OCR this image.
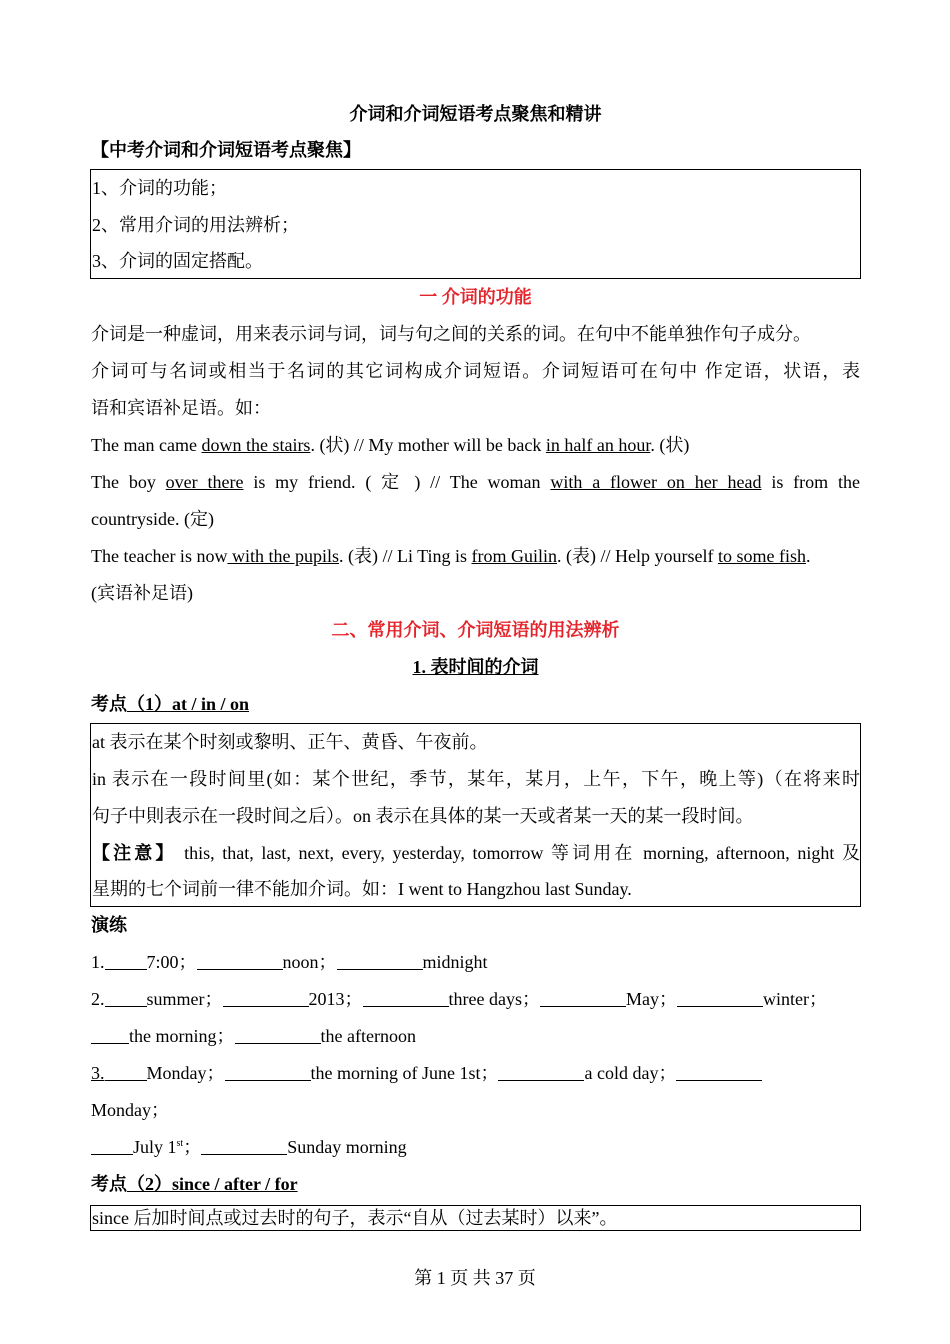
介词和介词短语考点聚焦和精讲
【中考介词和介词短语考点聚焦】
1、介词的功能；
2、常用介词的用法辨析；
3、介词的固定搭配。
一 介词的功能
介词是一种虚词，用来表示词与词，词与句之间的关系的词。在句中不能单独作句子成分。
介词可与名词或相当于名词的其它词构成介词短语。介词短语可在句中 作定语，状语，表
语和宾语补足语。如：
The man came down the stairs. (状) // My mother will be back in half an hour. (状)
The boy over there is my friend. ( 定 ) // The woman with a flower on her head is from the
countryside. (定)
The teacher is now with the pupils. (表) // Li Ting is from Guilin. (表) // Help yourself to some fish.
(宾语补足语)
二、常用介词、介词短语的用法辨析
1. 表时间的介词
考点（1）at / in / on
at 表示在某个时刻或黎明、正午、黄昏、午夜前。
in 表示在一段时间里(如：某个世纪，季节，某年，某月，上午，下午，晚上等)（在将来时
句子中則表示在一段时间之后）。on 表示在具体的某一天或者某一天的某一段时间。
【注意】 this, that, last, next, every, yesterday, tomorrow 等词用在 morning, afternoon, night 及
星期的七个词前一律不能加介词。如：I went to Hangzhou last Sunday.
演练
1. 7:00；	noon；	midnight
2. summer；	2013；	three days；	May；	winter；
the morning；	the afternoon
3. Monday；	the morning of June 1st；	a cold day；
Monday；
July 1st；	Sunday morning
考点（2）since / after / for
since 后加时间点或过去时的句子，表示“自从（过去某时）以来”。
第 1 页 共 37 页
